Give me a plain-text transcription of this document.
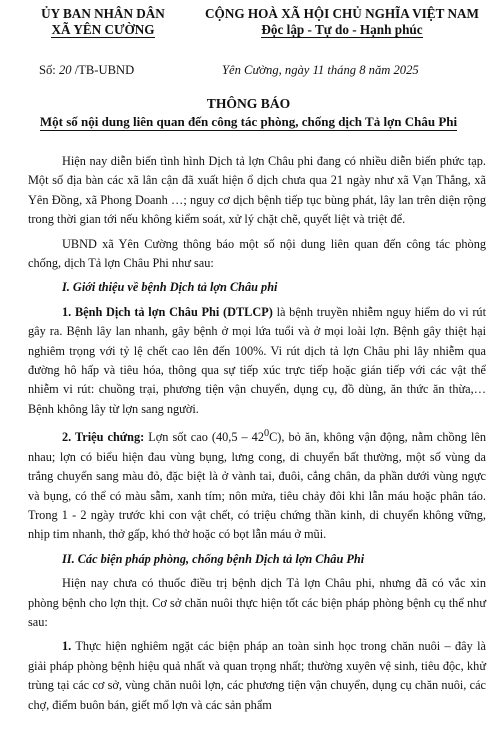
ỦY BAN NHÂN DÂN
XÃ YÊN CƯỜNG
CỘNG HOÀ XÃ HỘI CHỦ NGHĨA VIỆT NAM
Độc lập - Tự do - Hạnh phúc
Số: 20 /TB-UBND	Yên Cường, ngày 11 tháng 8 năm 2025
THÔNG BÁO
Một số nội dung liên quan đến công tác phòng, chống dịch Tả lợn Châu Phi

Hiện nay diễn biến tình hình Dịch tả lợn Châu phi đang có nhiều diễn biến phức tạp. Một số địa bàn các xã lân cận đã xuất hiện ổ dịch chưa qua 21 ngày như xã Vạn Thắng, xã Yên Đồng, xã Phong Doanh …; nguy cơ dịch bệnh tiếp tục bùng phát, lây lan trên diện rộng trong thời gian tới nếu không kiểm soát, xử lý chặt chẽ, quyết liệt và triệt để.

UBND xã Yên Cường thông báo một số nội dung liên quan đến công tác phòng chống, dịch Tả lợn Châu Phi như sau:

I. Giới thiệu về bệnh Dịch tả lợn Châu phi

1. Bệnh Dịch tả lợn Châu Phi (DTLCP) là bệnh truyền nhiễm nguy hiểm do vi rút gây ra. Bệnh lây lan nhanh, gây bệnh ở mọi lứa tuổi và ở mọi loài lợn. Bệnh gây thiệt hại nghiêm trọng với tỷ lệ chết cao lên đến 100%. Vi rút dịch tả lợn Châu phi lây nhiễm qua đường hô hấp và tiêu hóa, thông qua sự tiếp xúc trực tiếp hoặc gián tiếp với các vật thể nhiễm vi rút: chuồng trại, phương tiện vận chuyển, dụng cụ, đồ dùng, ăn thức ăn thừa,… Bệnh không lây từ lợn sang người.

2. Triệu chứng: Lợn sốt cao $(40,5 - 42^0C)$, bỏ ăn, không vận động, nằm chồng lên nhau; lợn có biểu hiện đau vùng bụng, lưng cong, di chuyển bất thường, một số vùng da trắng chuyển sang màu đỏ, đặc biệt là ở vành tai, đuôi, cẳng chân, da phần dưới vùng ngực và bụng, có thể có màu sẫm, xanh tím; nôn mửa, tiêu chảy đôi khi lẫn máu hoặc phân táo. Trong 1 - 2 ngày trước khi con vật chết, có triệu chứng thần kinh, di chuyển không vững, nhịp tim nhanh, thở gấp, khó thở hoặc có bọt lẫn máu ở mũi.

II. Các biện pháp phòng, chống bệnh Dịch tả lợn Châu Phi

Hiện nay chưa có thuốc điều trị bệnh dịch Tả lợn Châu phi, nhưng đã có vắc xin phòng bệnh cho lợn thịt. Cơ sở chăn nuôi thực hiện tốt các biện pháp phòng bệnh cụ thể như sau:

1. Thực hiện nghiêm ngặt các biện pháp an toàn sinh học trong chăn nuôi – đây là giải pháp phòng bệnh hiệu quả nhất và quan trọng nhất; thường xuyên vệ sinh, tiêu độc, khử trùng tại các cơ sở, vùng chăn nuôi lợn, các phương tiện vận chuyển, dụng cụ chăn nuôi, các chợ, điểm buôn bán, giết mổ lợn và các sản phẩm
